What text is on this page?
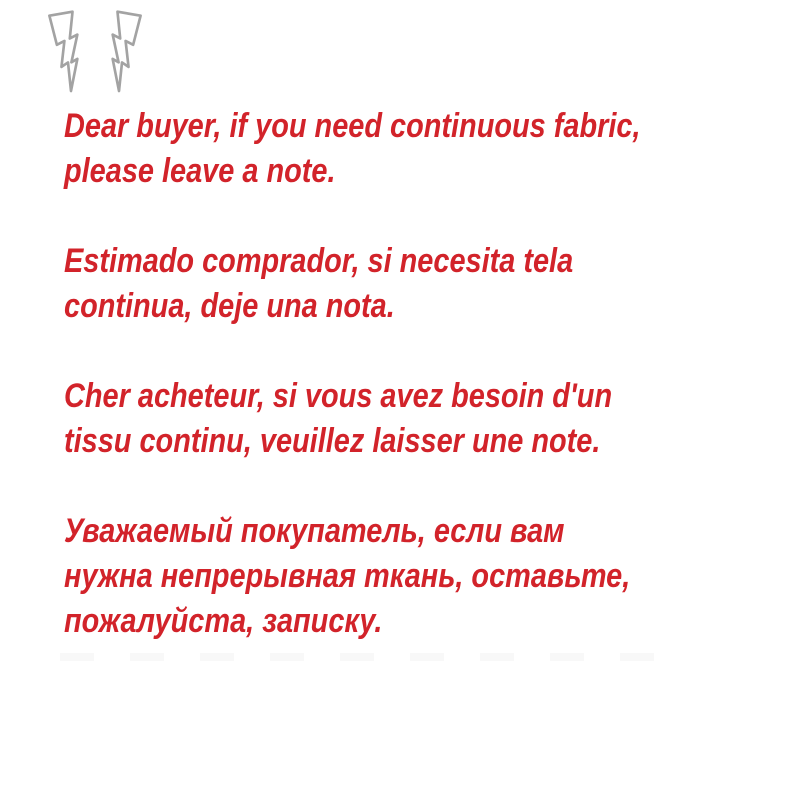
Dear buyer, if you need continuous fabric,
please leave a note.

Estimado comprador, si necesita tela
continua, deje una nota.

Cher acheteur, si vous avez besoin d'un
tissu continu, veuillez laisser une note.

Уважаемый покупатель, если вам
нужна непрерывная ткань, оставьте,
пожалуйста, записку.
